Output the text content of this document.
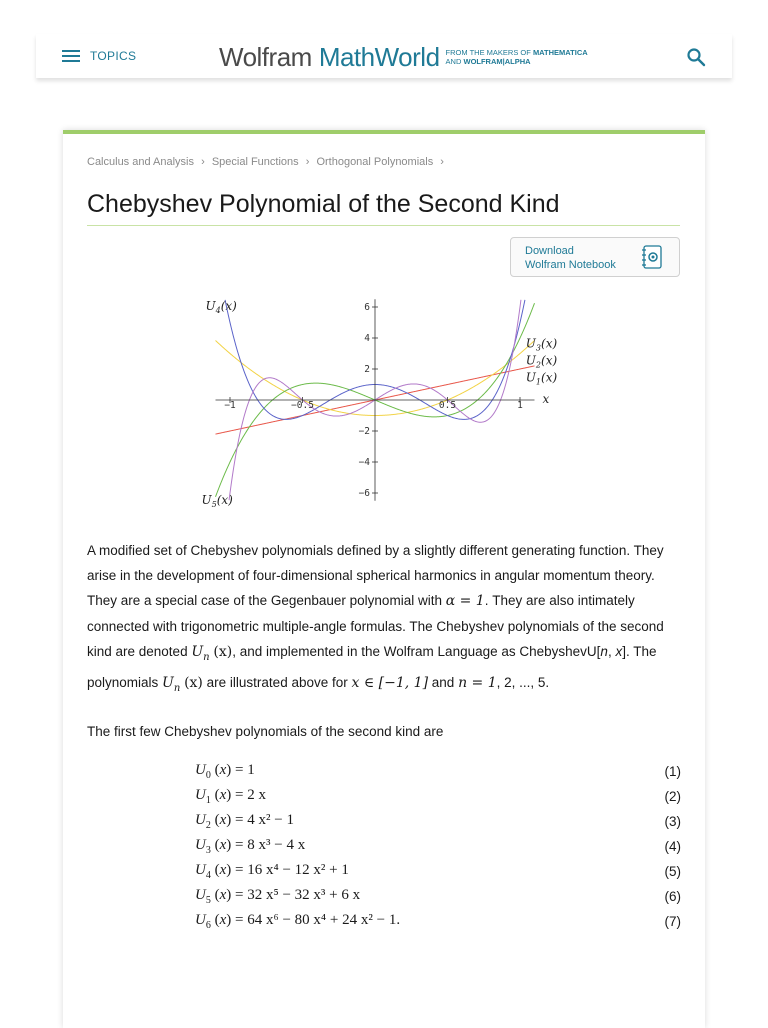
TOPICS	Wolfram MathWorld FROM THE MAKERS OF MATHEMATICA
AND WOLFRAM|ALPHA
Calculus and Analysis › Special Functions › Orthogonal Polynomials ›
Chebyshev Polynomial of the Second Kind
Download
Wolfram Notebook
−1	−0.5	0.5	1
−6
−4
−2
2
4
6
x
$U_1(x)$
$U_2(x)$
$U_3(x)$
$U_4(x)$
$U_5(x)$
A modified set of Chebyshev polynomials defined by a slightly different generating function. They arise in the development of four-dimensional spherical harmonics in angular momentum theory. They are a special case of the Gegenbauer polynomial with α = 1. They are also intimately connected with trigonometric multiple-angle formulas. The Chebyshev polynomials of the second kind are denoted $U_n$ (x), and implemented in the Wolfram Language as ChebyshevU[n, x]. The polynomials $U_n$ (x) are illustrated above for x ∈ [−1, 1] and n = 1, 2, ..., 5.
The first few Chebyshev polynomials of the second kind are
$U_0$ (x) = 1	(1)
$U_1$ (x) = 2 x	(2)
$U_2$ (x) = 4 x² − 1	(3)
$U_3$ (x) = 8 x³ − 4 x	(4)
$U_4$ (x) = 16 x⁴ − 12 x² + 1	(5)
$U_5$ (x) = 32 x⁵ − 32 x³ + 6 x	(6)
$U_6$ (x) = 64 x⁶ − 80 x⁴ + 24 x² − 1.	(7)
